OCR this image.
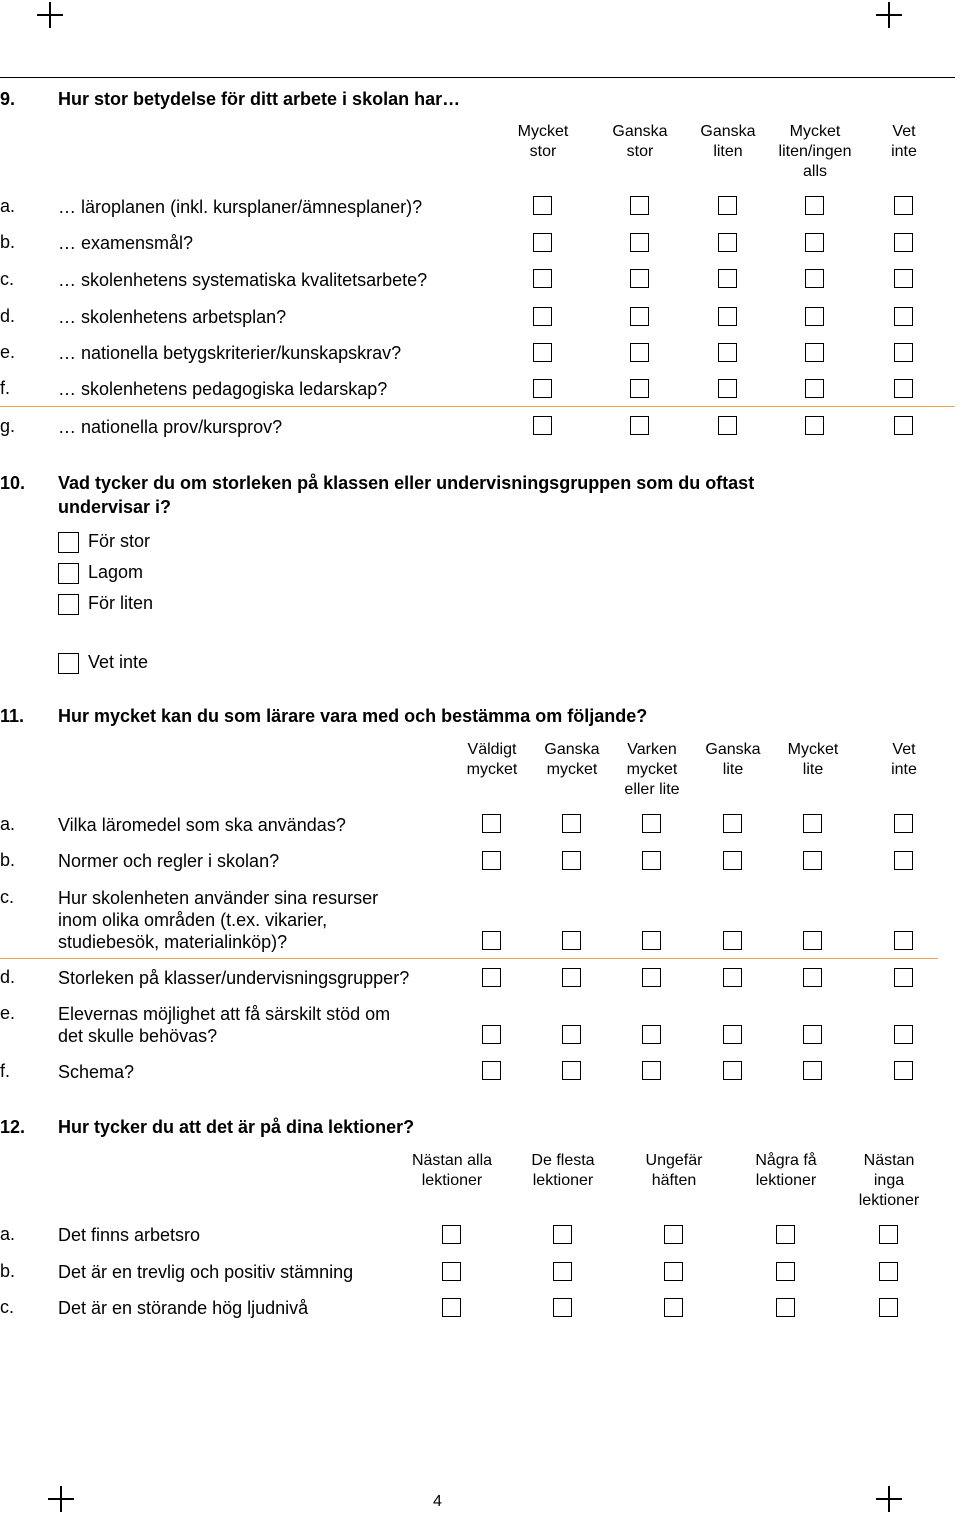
9. Hur stor betydelse för ditt arbete i skolan har…
Mycket
stor
Ganska
stor
Ganska
liten
Mycket
liten/ingen
alls
Vet
inte
a. … läroplanen (inkl. kursplaner/ämnesplaner)?
b. … examensmål?
c. … skolenhetens systematiska kvalitetsarbete?
d. … skolenhetens arbetsplan?
e. … nationella betygskriterier/kunskapskrav?
f.	… skolenhetens pedagogiska ledarskap?
g. … nationella prov/kursprov?
10. Vad tycker du om storleken på klassen eller undervisningsgruppen som du oftast undervisar i?
För stor
Lagom
För liten
Vet inte
11. Hur mycket kan du som lärare vara med och bestämma om följande?
Väldigt
mycket
Ganska
mycket
Varken
mycket
eller lite
Ganska
lite
Mycket
lite
Vet
inte
a. Vilka läromedel som ska användas?
b. Normer och regler i skolan?
c. Hur skolenheten använder sina resurser
inom olika områden (t.ex. vikarier,
studiebesök, materialinköp)?
d. Storleken på klasser/undervisningsgrupper?
e. Elevernas möjlighet att få särskilt stöd om
det skulle behövas?
f.	Schema?
12. Hur tycker du att det är på dina lektioner?
Nästan alla
lektioner
De flesta
lektioner
Ungefär
häften
Några få
lektioner
Nästan
inga
lektioner
a. Det finns arbetsro
b. Det är en trevlig och positiv stämning
c. Det är en störande hög ljudnivå
4
